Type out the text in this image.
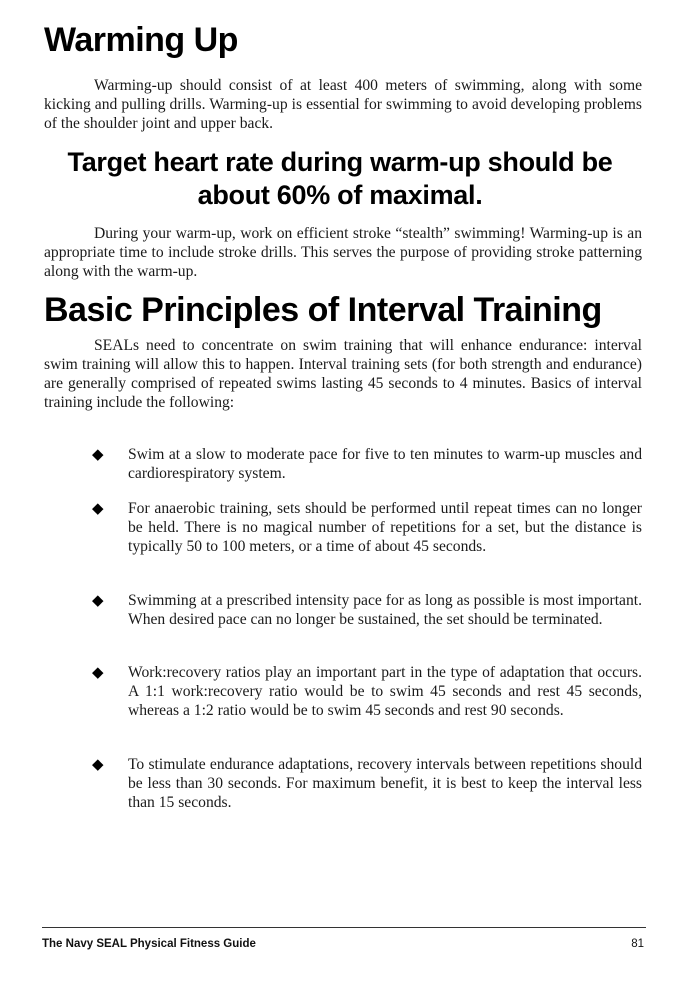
Warming Up

Warming-up should consist of at least 400 meters of swimming, along with some kicking and pulling drills. Warming-up is essential for swimming to avoid developing problems of the shoulder joint and upper back.

Target heart rate during warm-up should be about 60% of maximal.

During your warm-up, work on efficient stroke “stealth” swimming! Warming-up is an appropriate time to include stroke drills. This serves the purpose of providing stroke patterning along with the warm-up.

Basic Principles of Interval Training

SEALs need to concentrate on swim training that will enhance endurance: interval swim training will allow this to happen. Interval training sets (for both strength and endurance) are generally comprised of repeated swims lasting 45 seconds to 4 minutes. Basics of interval training include the following:

◆	Swim at a slow to moderate pace for five to ten minutes to warm-up muscles and cardiorespiratory system.
◆	For anaerobic training, sets should be performed until repeat times can no longer be held. There is no magical number of repetitions for a set, but the distance is typically 50 to 100 meters, or a time of about 45 seconds.
◆	Swimming at a prescribed intensity pace for as long as possible is most important. When desired pace can no longer be sustained, the set should be terminated.
◆	Work:recovery ratios play an important part in the type of adaptation that occurs. A 1:1 work:recovery ratio would be to swim 45 seconds and rest 45 seconds, whereas a 1:2 ratio would be to swim 45 seconds and rest 90 seconds.
◆	To stimulate endurance adaptations, recovery intervals between repetitions should be less than 30 seconds. For maximum benefit, it is best to keep the interval less than 15 seconds.
The Navy SEAL Physical Fitness Guide	81
